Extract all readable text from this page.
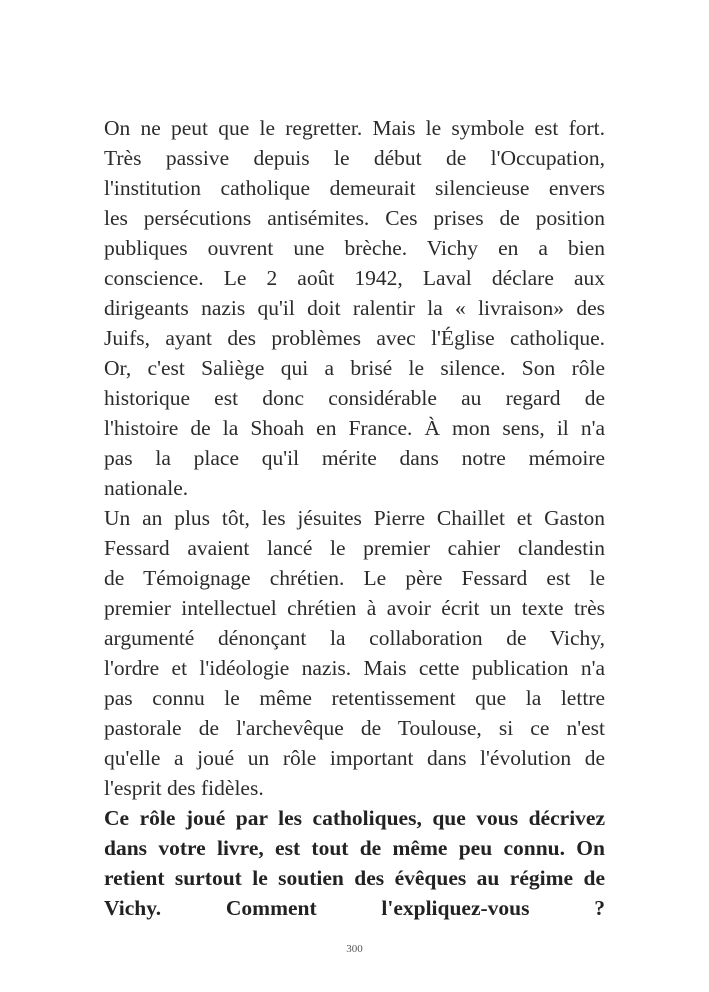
On ne peut que le regretter. Mais le symbole est fort.
Très passive depuis le début de l'Occupation,
l'institution catholique demeurait silencieuse envers
les persécutions antisémites. Ces prises de position
publiques ouvrent une brèche. Vichy en a bien
conscience. Le 2 août 1942, Laval déclare aux
dirigeants nazis qu'il doit ralentir la « livraison» des
Juifs, ayant des problèmes avec l'Église catholique.
Or, c'est Saliège qui a brisé le silence. Son rôle
historique est donc considérable au regard de
l'histoire de la Shoah en France. À mon sens, il n'a
pas la place qu'il mérite dans notre mémoire
nationale.
Un an plus tôt, les jésuites Pierre Chaillet et Gaston
Fessard avaient lancé le premier cahier clandestin
de Témoignage chrétien. Le père Fessard est le
premier intellectuel chrétien à avoir écrit un texte très
argumenté dénonçant la collaboration de Vichy,
l'ordre et l'idéologie nazis. Mais cette publication n'a
pas connu le même retentissement que la lettre
pastorale de l'archevêque de Toulouse, si ce n'est
qu'elle a joué un rôle important dans l'évolution de
l'esprit des fidèles.
Ce rôle joué par les catholiques, que vous décrivez
dans votre livre, est tout de même peu connu. On
retient surtout le soutien des évêques au régime de
Vichy. Comment l'expliquez-vous ?
300
